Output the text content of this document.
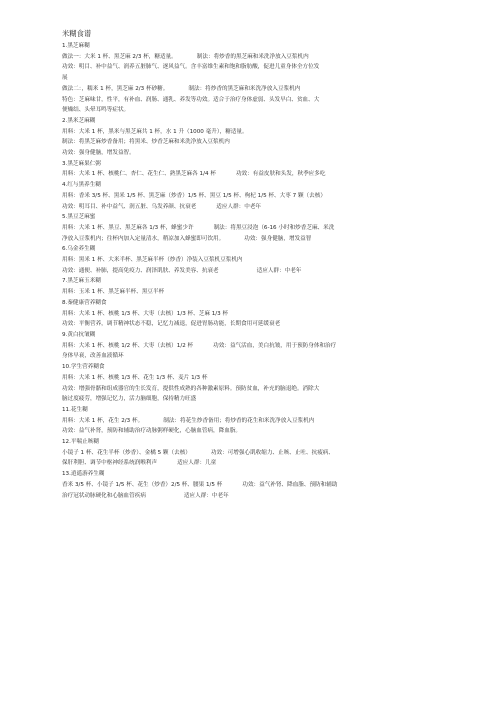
米糊食谱
1.黑芝麻糊
做法一：大米 1 杯、黑芝麻 2/3 杯，糖适量。	制法：将炒香的黑芝麻和米洗净放入豆浆机内
功效：明目、补中益气、润养五脏肺气、逐风益气。含丰富维生素和饱和脂肪酸，促进儿童身体全方位发
展
做法二：，糯米 1 杯，黑芝麻 2/3 杯砂糖。	制法：将炒香的黑芝麻和米洗净放入豆浆机内
特色：芝麻味甘，性平，有补血、润肠、通乳、养发等功效。适合于治疗身体虚弱、头发早白、贫血、大
便燥结、头晕耳鸣等症状。
2.黑米芝麻糊
用料：大米 1 杯，黑米与黑芝麻共 1 杯，水 1 升（1000 毫升），糖适量。
制法：将黑芝麻炒香备用；将黑米、炒香芝麻和米洗净放入豆浆机内
功效：强身健脑，增发益智。
3.黑芝麻果仁粥
用料：大米 1 杯、核桃仁、杏仁、花生仁、熟黑芝麻各 1/4 杯	功效：有益皮肤和头发，秋季应多吃
4.红与黑养生糊
用料：香米 3/5 杯、黑米 1/5 杯、黑芝麻（炒香）1/5 杯、黑豆 1/5 杯、枸杞 1/5 杯、大枣 7 颗（去核）
功效：明耳目、补中益气、润五脏、乌发养颜、抗衰老	适应人群：中老年
5.黑豆芝麻蜜
用料：大米 1 杯、黑豆、黑芝麻各 1/3 杯，蜂蜜少许	制法：将黑豆浸泡（6-16 小时和炒香芝麻、米洗
净放入豆浆机内；往杯内加入定量清水，稍凉加入蜂蜜即可饮用。	功效：强身健脑，增发益智
6.乌金养生糊
用料：黑米 1 杯、大米半杯、黑芝麻半杯（炒香）净装入豆浆机豆浆机内
功效：通便、补肺，提高免疫力、润泽肌肤、养发美容、抗衰老	适应人群：中老年
7.黑芝麻玉米糊
用料：玉米 1 杯、黑芝麻半杯、黑豆半杯
8.秦健康营养糊食
用料：大米 1 杯、核桃 1/3 杯、大枣（去核）1/3 杯、芝麻 1/3 杯
功效：平衡营养，调节精神状态不稳，记忆力减退，促进胃肠功能，长期食用可延缓衰老
9.黄白抗皱糊
用料：大米 1 杯、核桃 1/2 杯、大枣（去核）1/2 杯	功效：益气活血，美白抗皱，用于预防身体和治疗
身体早衰，改善血液循环
10.学生营养糊食
用料：大米 1 杯、核桃 1/3 杯、花生 1/3 杯、麦片 1/3 杯
功效：增强骨骼和组成器官的生长发育，提供性成熟的各种激素原料。预防贫血，补充的脑退绝。消除大
脑过度疲劳，增强记忆力，活力脑细胞，保持精力旺盛
11.花生糊
用料：大米 1 杯，花生 2/3 杯。	制法：将花生炒香备用；将炒香的花生和米洗净放入豆浆机内
功效：益气补肾，预防和辅助治疗动脉粥样硬化，心脑血管病，降血脂。
12.平喘止咳糊
小镜子 1 杯、花生半杯（炒香）、金橘 5 颗（去核）	功效：可增强心肌收缩力、止咳、止吐、抗疲病、
保肝利胆、调节中枢神经系统润喉利声	适应人群：儿童
13.逍遥游养生糊
香米 3/5 杯、小镜子 1/5 杯、花生（炒香）2/5 杯、腰果 1/5 杯	功效：益气补肾、降血脂、预防和辅助
治疗冠状动脉硬化和心脑血管疾病	适应人群：中老年
